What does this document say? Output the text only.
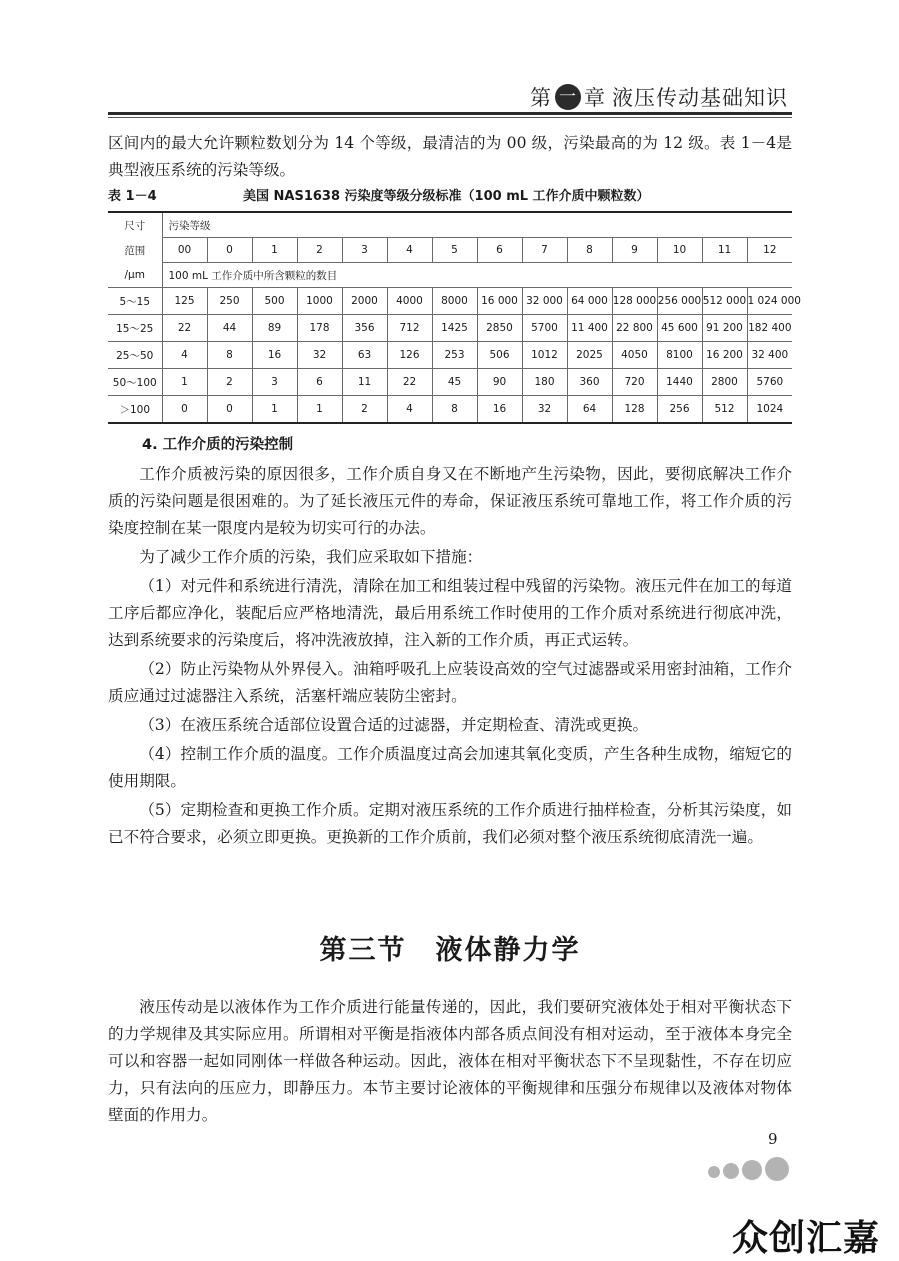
第 一 章 液压传动基础知识

区间内的最大允许颗粒数划分为 14 个等级，最清洁的为 00 级，污染最高的为 12 级。表 1－4是典型液压系统的污染等级。

表 1－4	美国 NAS1638 污染度等级分级标准（100 mL 工作介质中颗粒数）
尺寸	污染等级													
范围	00	0	1	2	3	4	5	6	7	8	9	10	11	12
/μm	100 mL 工作介质中所含颗粒的数目													
5～15	125	250	500	1000	2000	4000	8000	16 000	32 000	64 000	128 000	256 000	512 000	1 024 000
15～25	22	44	89	178	356	712	1425	2850	5700	11 400	22 800	45 600	91 200	182 400
25～50	4	8	16	32	63	126	253	506	1012	2025	4050	8100	16 200	32 400
50～100	1	2	3	6	11	22	45	90	180	360	720	1440	2800	5760
＞100	0	0	1	1	2	4	8	16	32	64	128	256	512	1024

4. 工作介质的污染控制

工作介质被污染的原因很多，工作介质自身又在不断地产生污染物，因此，要彻底解决工作介质的污染问题是很困难的。为了延长液压元件的寿命，保证液压系统可靠地工作，将工作介质的污染度控制在某一限度内是较为切实可行的办法。

为了减少工作介质的污染，我们应采取如下措施：

（1）对元件和系统进行清洗，清除在加工和组装过程中残留的污染物。液压元件在加工的每道工序后都应净化，装配后应严格地清洗，最后用系统工作时使用的工作介质对系统进行彻底冲洗，达到系统要求的污染度后，将冲洗液放掉，注入新的工作介质，再正式运转。

（2）防止污染物从外界侵入。油箱呼吸孔上应装设高效的空气过滤器或采用密封油箱，工作介质应通过过滤器注入系统，活塞杆端应装防尘密封。

（3）在液压系统合适部位设置合适的过滤器，并定期检查、清洗或更换。

（4）控制工作介质的温度。工作介质温度过高会加速其氧化变质，产生各种生成物，缩短它的使用期限。

（5）定期检查和更换工作介质。定期对液压系统的工作介质进行抽样检查，分析其污染度，如已不符合要求，必须立即更换。更换新的工作介质前，我们必须对整个液压系统彻底清洗一遍。

第三节　液体静力学

液压传动是以液体作为工作介质进行能量传递的，因此，我们要研究液体处于相对平衡状态下的力学规律及其实际应用。所谓相对平衡是指液体内部各质点间没有相对运动，至于液体本身完全可以和容器一起如同刚体一样做各种运动。因此，液体在相对平衡状态下不呈现黏性，不存在切应力，只有法向的压应力，即静压力。本节主要讨论液体的平衡规律和压强分布规律以及液体对物体壁面的作用力。

9
众创汇嘉
